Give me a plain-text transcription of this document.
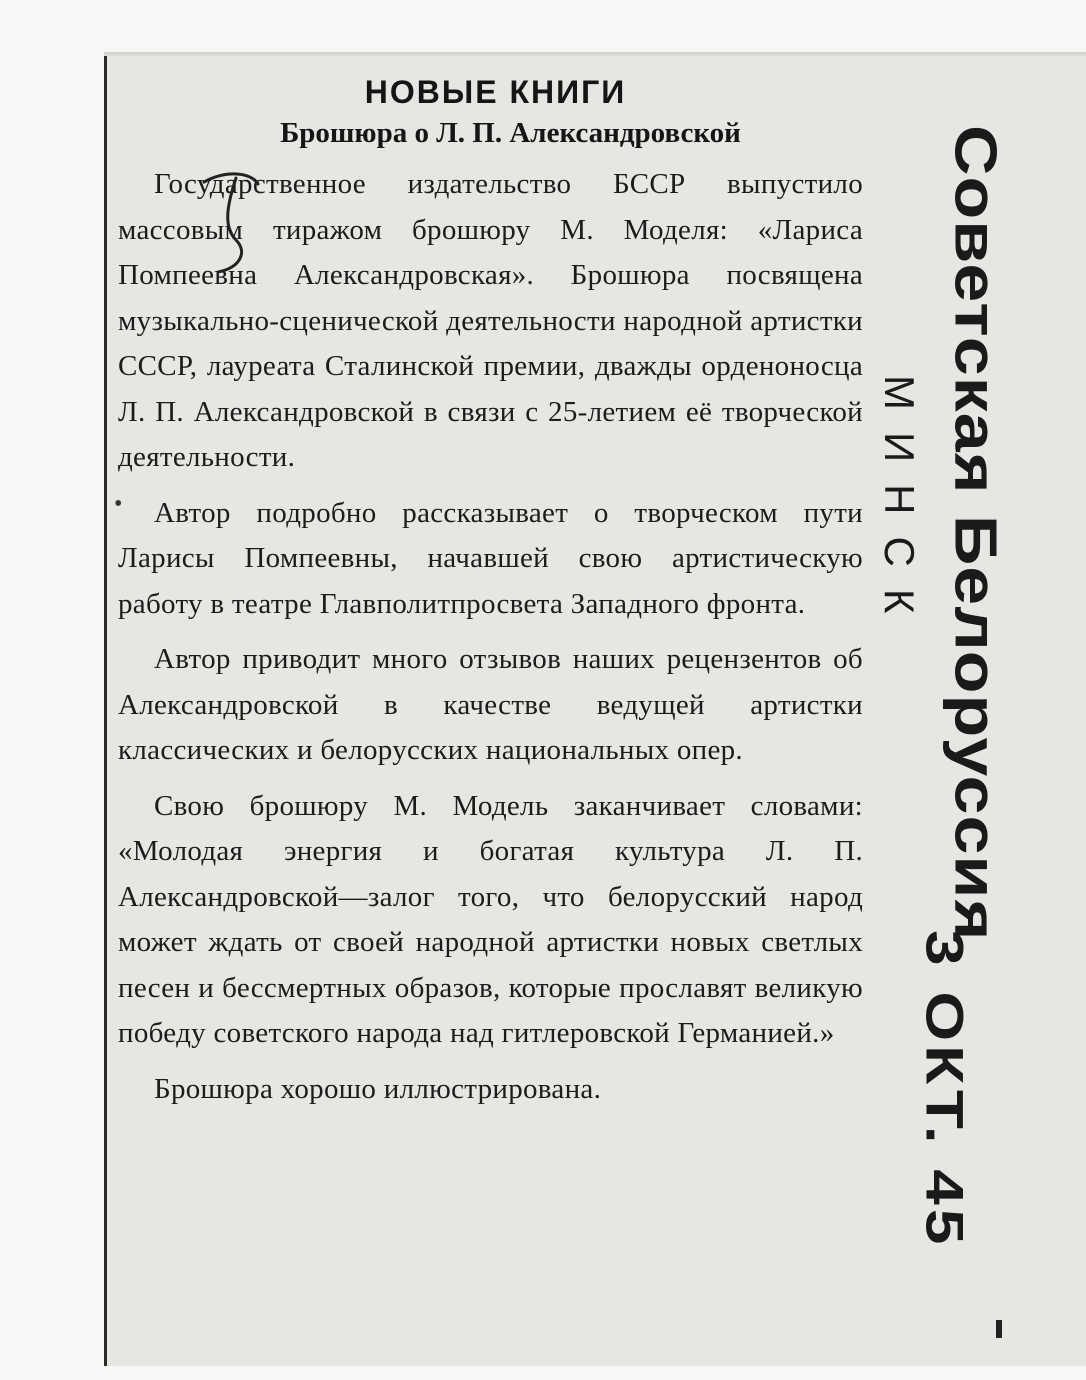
НОВЫЕ КНИГИ
Брошюра о Л. П. Александровской

Государственное издательство БССР выпустило массовым тиражом брошюру М. Моделя: «Лариса Помпеевна Александровская». Брошюра посвящена музыкально-сценической деятельности народной артистки СССР, лауреата Сталинской премии, дважды орденоносца Л. П. Александровской в связи с 25-летием её творческой деятельности.

•	Автор подробно рассказывает о творческом пути Ларисы Помпеевны, начавшей свою артистическую работу в театре Главполитпросвета Западного фронта.

Автор приводит много отзывов наших рецензентов об Александровской в качестве ведущей артистки классических и белорусских национальных опер.

Свою брошюру М. Модель заканчивает словами: «Молодая энергия и богатая культура Л. П. Александровской—залог того, что белорусский народ может ждать от своей народной артистки новых светлых песен и бессмертных образов, которые прославят великую победу советского народа над гитлеровской Германией.»

Брошюра хорошо иллюстрирована.

Советская Белоруссия
МИНСК
3 ОКТ. 45
